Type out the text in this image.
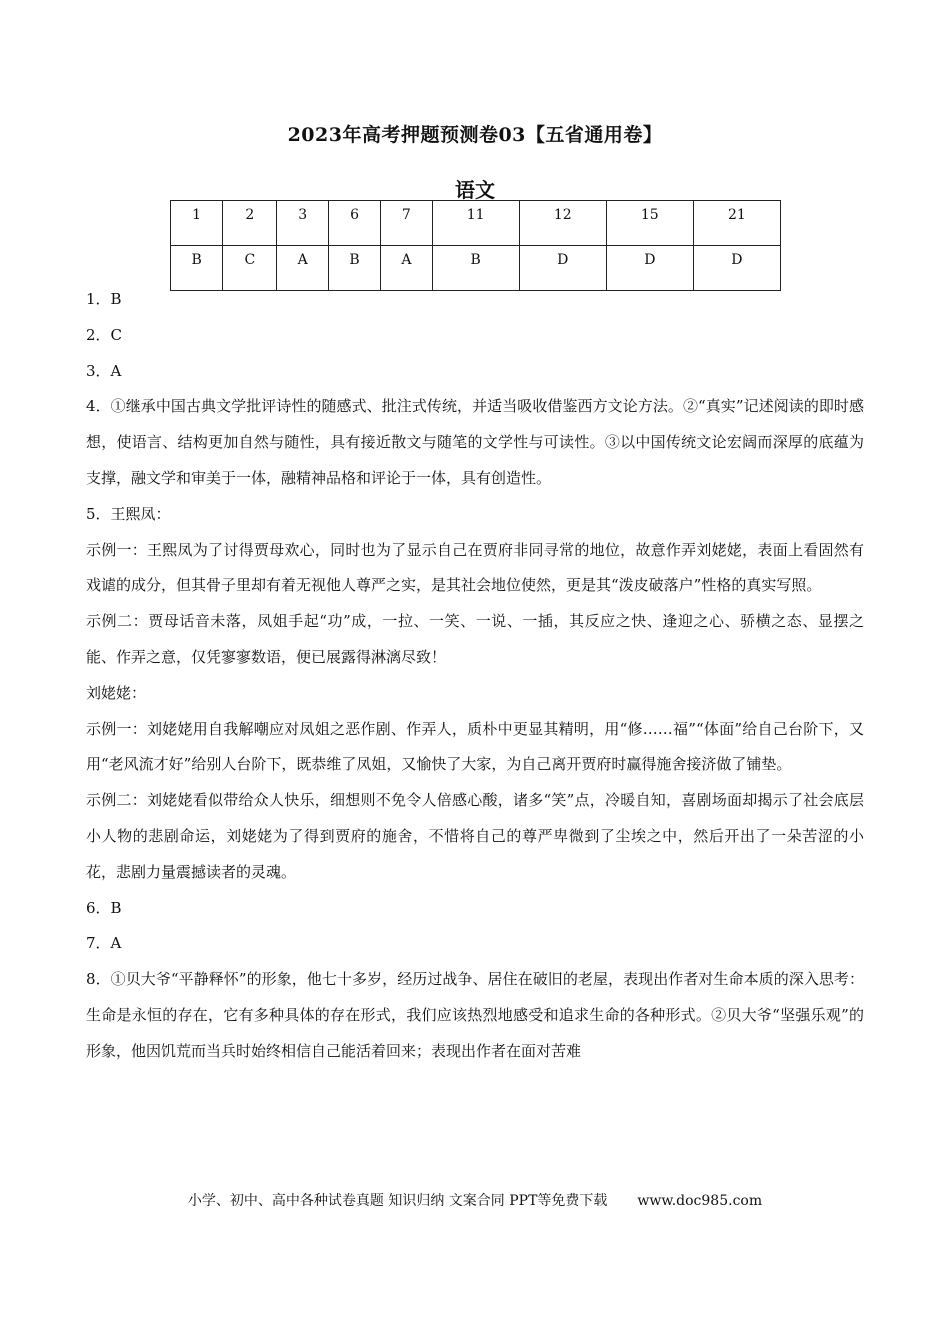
2023年高考押题预测卷03【五省通用卷】
语文
1	2	3	6	7	11	12	15	21
B	C	A	B	A	B	D	D	D

1．B

2．C

3．A

4．①继承中国古典文学批评诗性的随感式、批注式传统，并适当吸收借鉴西方文论方法。②“真实”记述阅读的即时感想，使语言、结构更加自然与随性，具有接近散文与随笔的文学性与可读性。③以中国传统文论宏阔而深厚的底蕴为支撑，融文学和审美于一体，融精神品格和评论于一体，具有创造性。

5．王熙凤：

示例一：王熙凤为了讨得贾母欢心，同时也为了显示自己在贾府非同寻常的地位，故意作弄刘姥姥，表面上看固然有戏谑的成分，但其骨子里却有着无视他人尊严之实，是其社会地位使然，更是其“泼皮破落户”性格的真实写照。

示例二：贾母话音未落，凤姐手起“功”成，一拉、一笑、一说、一插，其反应之快、逢迎之心、骄横之态、显摆之能、作弄之意，仅凭寥寥数语，便已展露得淋漓尽致！

刘姥姥：

示例一：刘姥姥用自我解嘲应对凤姐之恶作剧、作弄人，质朴中更显其精明，用“修……福”“体面”给自己台阶下，又用“老风流才好”给别人台阶下，既恭维了凤姐，又愉快了大家，为自己离开贾府时赢得施舍接济做了铺垫。

示例二：刘姥姥看似带给众人快乐，细想则不免令人倍感心酸，诸多“笑”点，冷暖自知，喜剧场面却揭示了社会底层小人物的悲剧命运，刘姥姥为了得到贾府的施舍，不惜将自己的尊严卑微到了尘埃之中，然后开出了一朵苦涩的小花，悲剧力量震撼读者的灵魂。

6．B

7．A

8．①贝大爷“平静释怀”的形象，他七十多岁，经历过战争、居住在破旧的老屋，表现出作者对生命本质的深入思考：生命是永恒的存在，它有多种具体的存在形式，我们应该热烈地感受和追求生命的各种形式。②贝大爷“坚强乐观”的形象，他因饥荒而当兵时始终相信自己能活着回来；表现出作者在面对苦难

小学、初中、高中各种试卷真题 知识归纳 文案合同 PPT等免费下载 www.doc985.com
